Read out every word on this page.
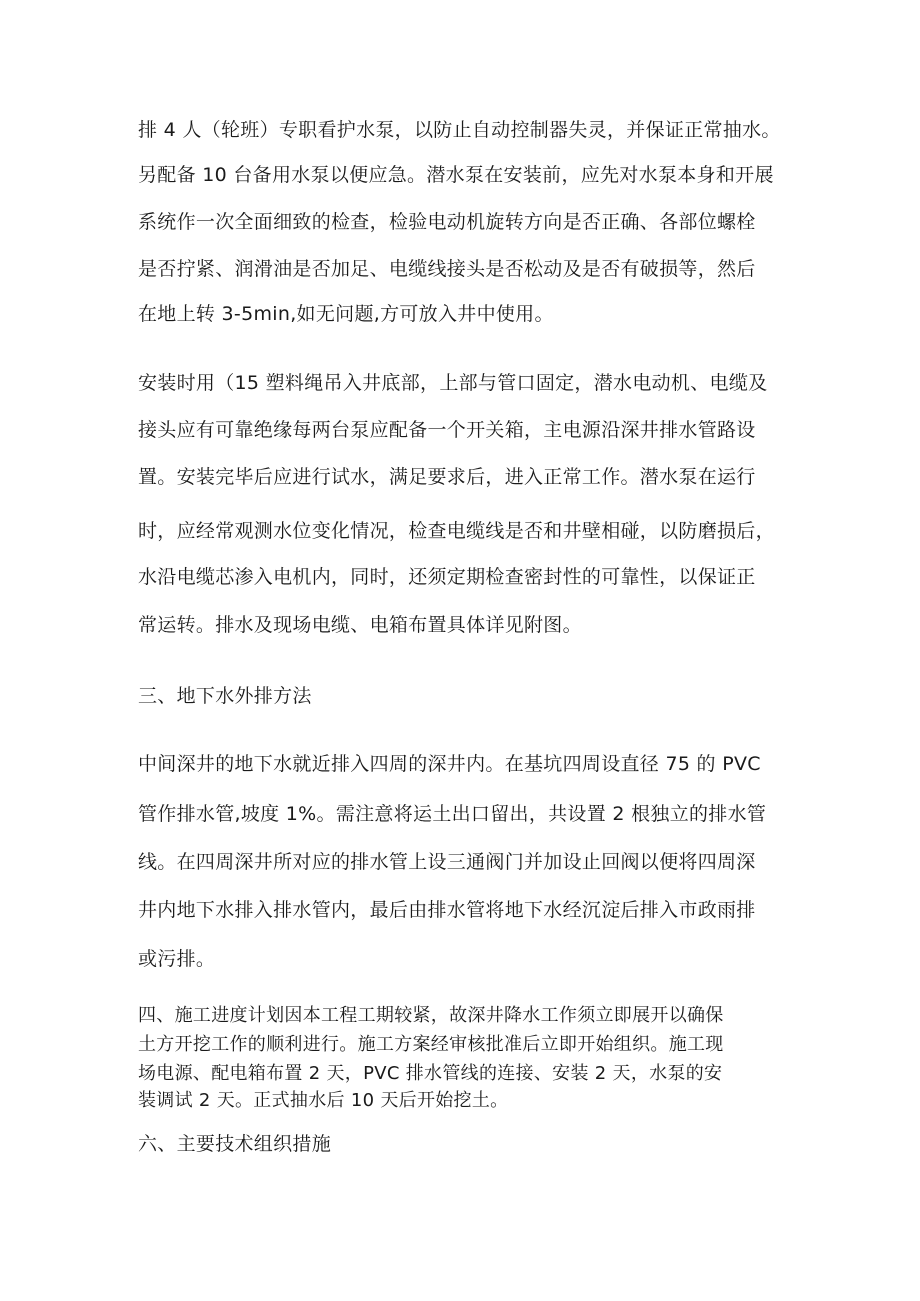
排 4 人（轮班）专职看护水泵，以防止自动控制器失灵，并保证正常抽水。
另配备 10 台备用水泵以便应急。潜水泵在安装前，应先对水泵本身和开展
系统作一次全面细致的检查，检验电动机旋转方向是否正确、各部位螺栓
是否拧紧、润滑油是否加足、电缆线接头是否松动及是否有破损等，然后
在地上转 3-5min,如无问题,方可放入井中使用。
安装时用（15 塑料绳吊入井底部，上部与管口固定，潜水电动机、电缆及
接头应有可靠绝缘每两台泵应配备一个开关箱，主电源沿深井排水管路设
置。安装完毕后应进行试水，满足要求后，进入正常工作。潜水泵在运行
时，应经常观测水位变化情况，检查电缆线是否和井壁相碰，以防磨损后，
水沿电缆芯渗入电机内，同时，还须定期检查密封性的可靠性，以保证正
常运转。排水及现场电缆、电箱布置具体详见附图。
三、地下水外排方法
中间深井的地下水就近排入四周的深井内。在基坑四周设直径 75 的 PVC
管作排水管,坡度 1%。需注意将运土出口留出，共设置 2 根独立的排水管
线。在四周深井所对应的排水管上设三通阀门并加设止回阀以便将四周深
井内地下水排入排水管内，最后由排水管将地下水经沉淀后排入市政雨排
或污排。
四、施工进度计划因本工程工期较紧，故深井降水工作须立即展开以确保
土方开挖工作的顺利进行。施工方案经审核批准后立即开始组织。施工现
场电源、配电箱布置 2 天，PVC 排水管线的连接、安装 2 天，水泵的安
装调试 2 天。正式抽水后 10 天后开始挖土。
六、主要技术组织措施
